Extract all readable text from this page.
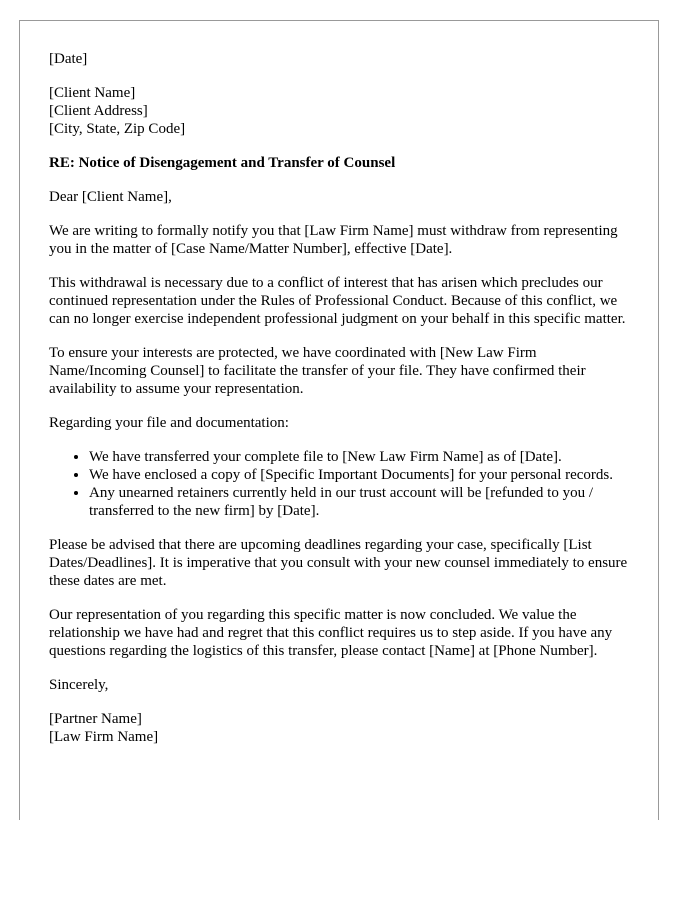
[Date]

[Client Name]
[Client Address]
[City, State, Zip Code]

RE: Notice of Disengagement and Transfer of Counsel

Dear [Client Name],

We are writing to formally notify you that [Law Firm Name] must withdraw from representing you in the matter of [Case Name/Matter Number], effective [Date].

This withdrawal is necessary due to a conflict of interest that has arisen which precludes our continued representation under the Rules of Professional Conduct. Because of this conflict, we can no longer exercise independent professional judgment on your behalf in this specific matter.

To ensure your interests are protected, we have coordinated with [New Law Firm Name/Incoming Counsel] to facilitate the transfer of your file. They have confirmed their availability to assume your representation.

Regarding your file and documentation:

• We have transferred your complete file to [New Law Firm Name] as of [Date].
• We have enclosed a copy of [Specific Important Documents] for your personal records.
• Any unearned retainers currently held in our trust account will be [refunded to you / transferred to the new firm] by [Date].

Please be advised that there are upcoming deadlines regarding your case, specifically [List Dates/Deadlines]. It is imperative that you consult with your new counsel immediately to ensure these dates are met.

Our representation of you regarding this specific matter is now concluded. We value the relationship we have had and regret that this conflict requires us to step aside. If you have any questions regarding the logistics of this transfer, please contact [Name] at [Phone Number].

Sincerely,

[Partner Name]
[Law Firm Name]
